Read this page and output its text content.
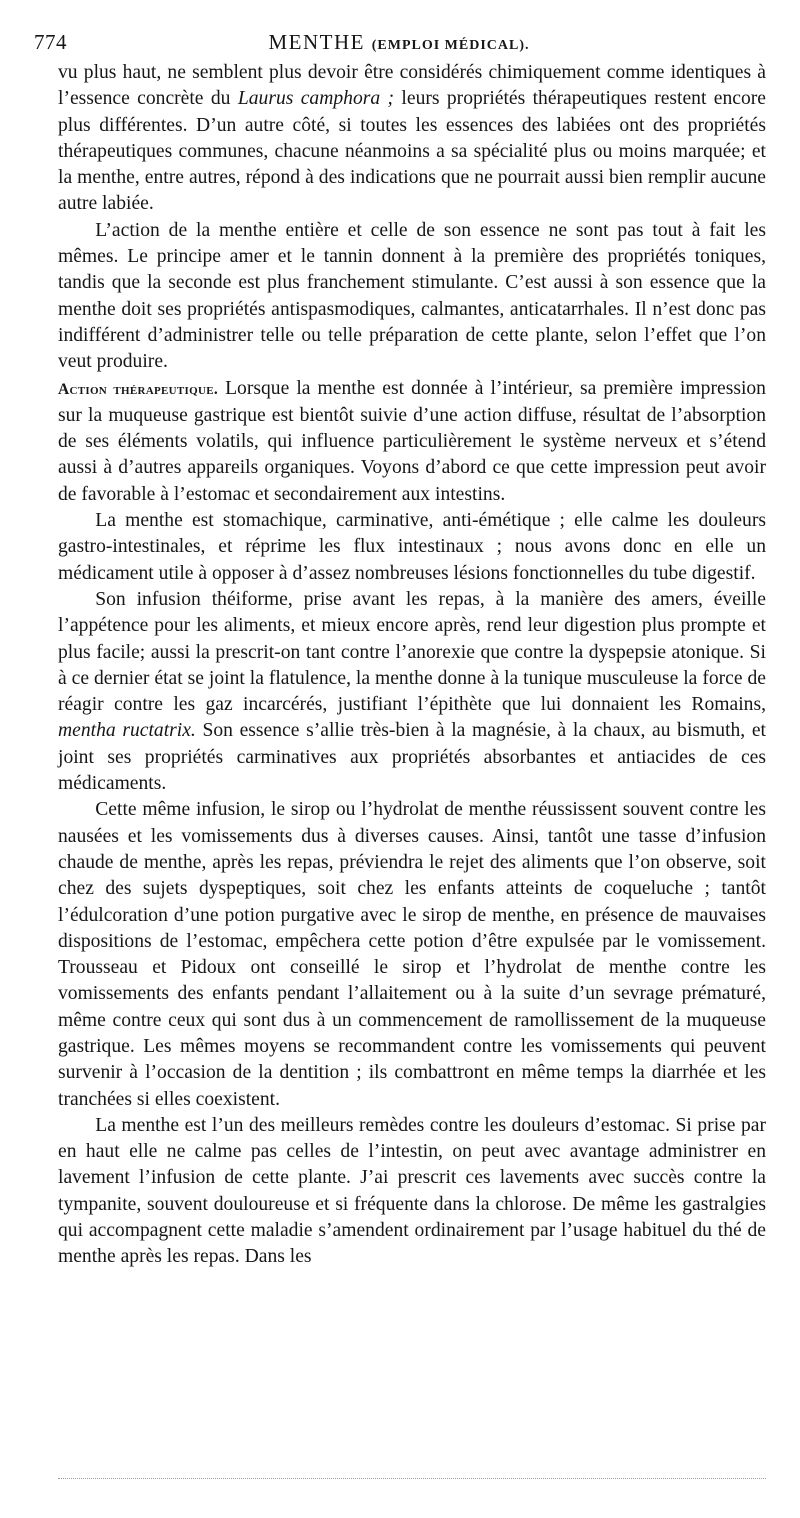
774	MENTHE (EMPLOI MÉDICAL).

vu plus haut, ne semblent plus devoir être considérés chimiquement comme identiques à l’essence concrète du Laurus camphora ; leurs propriétés thérapeutiques restent encore plus différentes. D’un autre côté, si toutes les essences des labiées ont des propriétés thérapeutiques communes, chacune néanmoins a sa spécialité plus ou moins marquée; et la menthe, entre autres, répond à des indications que ne pourrait aussi bien remplir aucune autre labiée.

L’action de la menthe entière et celle de son essence ne sont pas tout à fait les mêmes. Le principe amer et le tannin donnent à la première des propriétés toniques, tandis que la seconde est plus franchement stimulante. C’est aussi à son essence que la menthe doit ses propriétés antispasmodiques, calmantes, anticatarrhales. Il n’est donc pas indifférent d’administrer telle ou telle préparation de cette plante, selon l’effet que l’on veut produire.

Action thérapeutique. Lorsque la menthe est donnée à l’intérieur, sa première impression sur la muqueuse gastrique est bientôt suivie d’une action diffuse, résultat de l’absorption de ses éléments volatils, qui influence particulièrement le système nerveux et s’étend aussi à d’autres appareils organiques. Voyons d’abord ce que cette impression peut avoir de favorable à l’estomac et secondairement aux intestins.

La menthe est stomachique, carminative, anti-émétique ; elle calme les douleurs gastro-intestinales, et réprime les flux intestinaux ; nous avons donc en elle un médicament utile à opposer à d’assez nombreuses lésions fonctionnelles du tube digestif.

Son infusion théiforme, prise avant les repas, à la manière des amers, éveille l’appétence pour les aliments, et mieux encore après, rend leur digestion plus prompte et plus facile; aussi la prescrit-on tant contre l’anorexie que contre la dyspepsie atonique. Si à ce dernier état se joint la flatulence, la menthe donne à la tunique musculeuse la force de réagir contre les gaz incarcérés, justifiant l’épithète que lui donnaient les Romains, mentha ructatrix. Son essence s’allie très-bien à la magnésie, à la chaux, au bismuth, et joint ses propriétés carminatives aux propriétés absorbantes et antiacides de ces médicaments.

Cette même infusion, le sirop ou l’hydrolat de menthe réussissent souvent contre les nausées et les vomissements dus à diverses causes. Ainsi, tantôt une tasse d’infusion chaude de menthe, après les repas, préviendra le rejet des aliments que l’on observe, soit chez des sujets dyspeptiques, soit chez les enfants atteints de coqueluche ; tantôt l’édulcoration d’une potion purgative avec le sirop de menthe, en présence de mauvaises dispositions de l’estomac, empêchera cette potion d’être expulsée par le vomissement. Trousseau et Pidoux ont conseillé le sirop et l’hydrolat de menthe contre les vomissements des enfants pendant l’allaitement ou à la suite d’un sevrage prématuré, même contre ceux qui sont dus à un commencement de ramollissement de la muqueuse gastrique. Les mêmes moyens se recommandent contre les vomissements qui peuvent survenir à l’occasion de la dentition ; ils combattront en même temps la diarrhée et les tranchées si elles coexistent.

La menthe est l’un des meilleurs remèdes contre les douleurs d’estomac. Si prise par en haut elle ne calme pas celles de l’intestin, on peut avec avantage administrer en lavement l’infusion de cette plante. J’ai prescrit ces lavements avec succès contre la tympanite, souvent douloureuse et si fréquente dans la chlorose. De même les gastralgies qui accompagnent cette maladie s’amendent ordinairement par l’usage habituel du thé de menthe après les repas. Dans les
